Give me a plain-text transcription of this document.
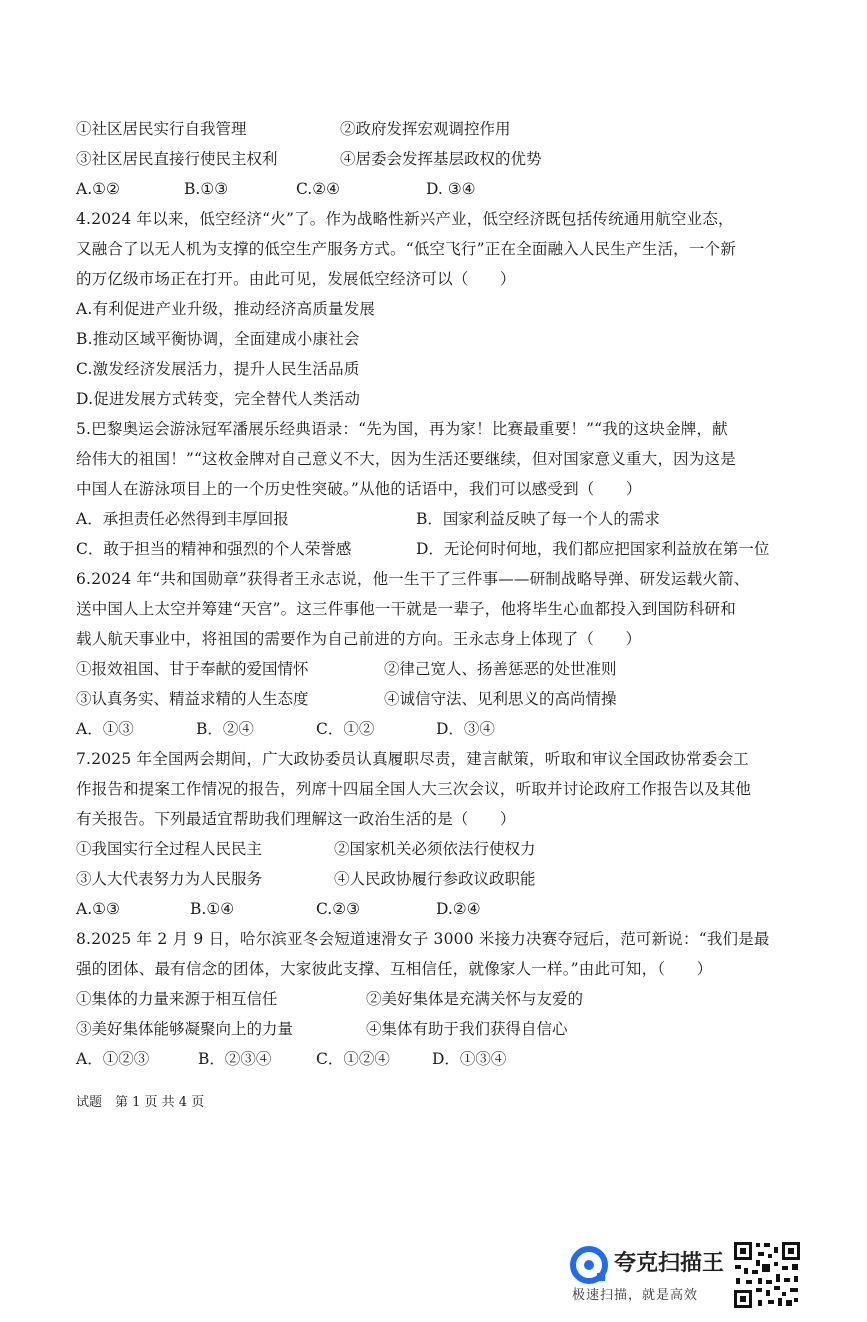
①社区居民实行自我管理	②政府发挥宏观调控作用
③社区居民直接行使民主权利	④居委会发挥基层政权的优势
A.①②	B.①③	C.②④	D. ③④
4.2024 年以来，低空经济“火”了。作为战略性新兴产业，低空经济既包括传统通用航空业态，
又融合了以无人机为支撑的低空生产服务方式。“低空飞行”正在全面融入人民生产生活，一个新
的万亿级市场正在打开。由此可见，发展低空经济可以（　　）
A.有利促进产业升级，推动经济高质量发展
B.推动区域平衡协调，全面建成小康社会
C.激发经济发展活力，提升人民生活品质
D.促进发展方式转变，完全替代人类活动
5.巴黎奥运会游泳冠军潘展乐经典语录：“先为国，再为家！比赛最重要！”“我的这块金牌，献
给伟大的祖国！”“这枚金牌对自己意义不大，因为生活还要继续，但对国家意义重大，因为这是
中国人在游泳项目上的一个历史性突破。”从他的话语中，我们可以感受到（　　）
A．承担责任必然得到丰厚回报	B．国家利益反映了每一个人的需求
C．敢于担当的精神和强烈的个人荣誉感	D．无论何时何地，我们都应把国家利益放在第一位
6.2024 年“共和国勋章”获得者王永志说，他一生干了三件事——研制战略导弹、研发运载火箭、
送中国人上太空并筹建“天宫”。这三件事他一干就是一辈子，他将毕生心血都投入到国防科研和
载人航天事业中，将祖国的需要作为自己前进的方向。王永志身上体现了（　　）
①报效祖国、甘于奉献的爱国情怀	②律己宽人、扬善惩恶的处世准则
③认真务实、精益求精的人生态度	④诚信守法、见利思义的高尚情操
A．①③	B．②④	C．①②	D．③④
7.2025 年全国两会期间，广大政协委员认真履职尽责，建言献策，听取和审议全国政协常委会工
作报告和提案工作情况的报告，列席十四届全国人大三次会议，听取并讨论政府工作报告以及其他
有关报告。下列最适宜帮助我们理解这一政治生活的是（　　）
①我国实行全过程人民民主	②国家机关必须依法行使权力
③人大代表努力为人民服务	④人民政协履行参政议政职能
A.①③	B.①④	C.②③	D.②④
8.2025 年 2 月 9 日，哈尔滨亚冬会短道速滑女子 3000 米接力决赛夺冠后，范可新说：“我们是最
强的团体、最有信念的团体，大家彼此支撑、互相信任，就像家人一样。”由此可知，（　　）
①集体的力量来源于相互信任	②美好集体是充满关怀与友爱的
③美好集体能够凝聚向上的力量	④集体有助于我们获得自信心
A．①②③	B．②③④	C．①②④	D．①③④
试题　第 1 页 共 4 页
夸克扫描王
极速扫描，就是高效
